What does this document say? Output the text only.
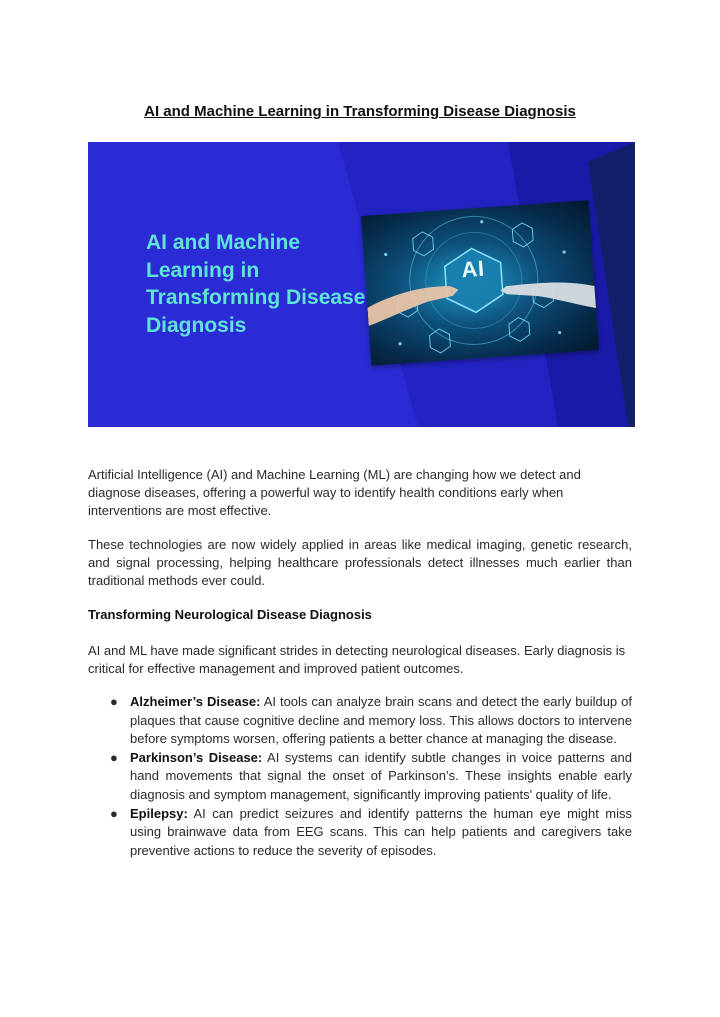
AI and Machine Learning in Transforming Disease Diagnosis
AI and Machine Learning in Transforming Disease Diagnosis
AI

Artificial Intelligence (AI) and Machine Learning (ML) are changing how we detect and diagnose diseases, offering a powerful way to identify health conditions early when interventions are most effective.

These technologies are now widely applied in areas like medical imaging, genetic research, and signal processing, helping healthcare professionals detect illnesses much earlier than traditional methods ever could.

Transforming Neurological Disease Diagnosis

AI and ML have made significant strides in detecting neurological diseases. Early diagnosis is critical for effective management and improved patient outcomes.

● Alzheimer’s Disease: AI tools can analyze brain scans and detect the early buildup of plaques that cause cognitive decline and memory loss. This allows doctors to intervene before symptoms worsen, offering patients a better chance at managing the disease.
● Parkinson’s Disease: AI systems can identify subtle changes in voice patterns and hand movements that signal the onset of Parkinson’s. These insights enable early diagnosis and symptom management, significantly improving patients' quality of life.
● Epilepsy: AI can predict seizures and identify patterns the human eye might miss using brainwave data from EEG scans. This can help patients and caregivers take preventive actions to reduce the severity of episodes.
